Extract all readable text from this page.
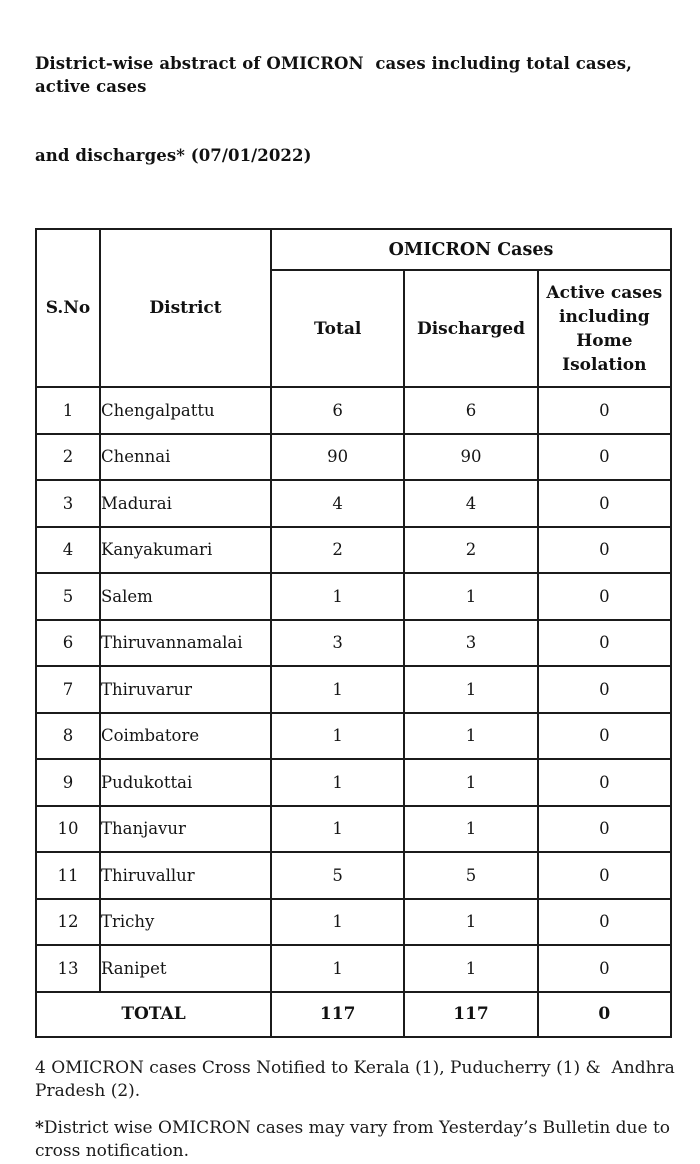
District-wise abstract of OMICRON  cases including total cases, active cases

and discharges* (07/01/2022)

S.No	District	OMICRON Cases		
		Total	Discharged	Active cases including Home Isolation
1	Chengalpattu	6	6	0
2	Chennai	90	90	0
3	Madurai	4	4	0
4	Kanyakumari	2	2	0
5	Salem	1	1	0
6	Thiruvannamalai	3	3	0
7	Thiruvarur	1	1	0
8	Coimbatore	1	1	0
9	Pudukottai	1	1	0
10	Thanjavur	1	1	0
11	Thiruvallur	5	5	0
12	Trichy	1	1	0
13	Ranipet	1	1	0
TOTAL		117	117	0
4 OMICRON cases Cross Notified to Kerala (1), Puducherry (1) &  Andhra Pradesh (2).
*District wise OMICRON cases may vary from Yesterday’s Bulletin due to cross notification.
